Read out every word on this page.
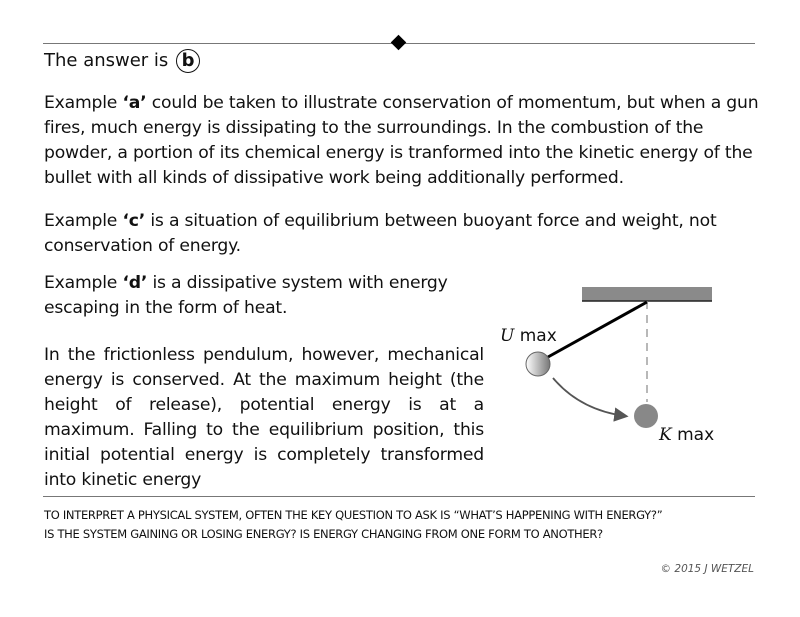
The answer is b
Example ‘a’ could be taken to illustrate conservation of momentum, but when a gun fires, much energy is dissipating to the surroundings. In the combustion of the powder, a portion of its chemical energy is tranformed into the kinetic energy of the bullet with all kinds of dissipative work being additionally performed.
Example ‘c’ is a situation of equilibrium between buoyant force and weight, not conservation of energy.
Example ‘d’ is a dissipative system with energy escaping in the form of heat.
In the frictionless pendulum, however, mechanical energy is conserved. At the maximum height (the height of release), potential energy is at a maximum. Falling to the equilibrium position, this initial potential energy is completely transformed into kinetic energy
U max
K max
TO INTERPRET A PHYSICAL SYSTEM, OFTEN THE KEY QUESTION TO ASK IS “WHAT’S HAPPENING WITH ENERGY?”
IS THE SYSTEM GAINING OR LOSING ENERGY? IS ENERGY CHANGING FROM ONE FORM TO ANOTHER?
© 2015 J WETZEL
